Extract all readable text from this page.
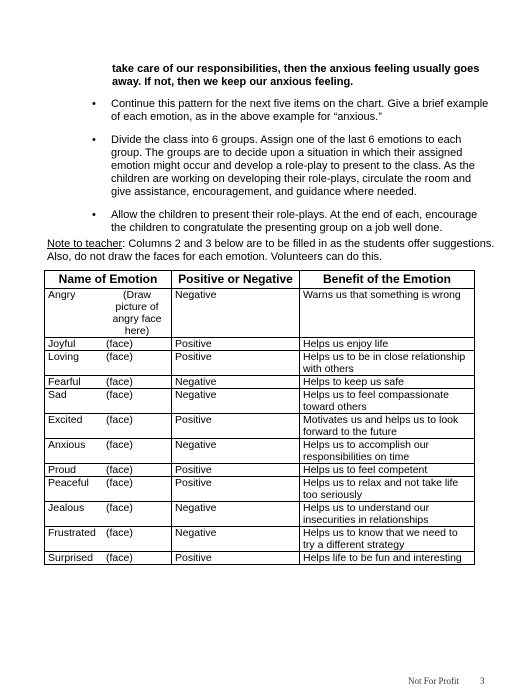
take care of our responsibilities, then the anxious feeling usually goes away. If not, then we keep our anxious feeling.
• Continue this pattern for the next five items on the chart. Give a brief example of each emotion, as in the above example for “anxious.”
• Divide the class into 6 groups. Assign one of the last 6 emotions to each group. The groups are to decide upon a situation in which their assigned emotion might occur and develop a role-play to present to the class. As the children are working on developing their role-plays, circulate the room and give assistance, encouragement, and guidance where needed.
• Allow the children to present their role-plays. At the end of each, encourage the children to congratulate the presenting group on a job well done.
Note to teacher: Columns 2 and 3 below are to be filled in as the students offer suggestions. Also, do not draw the faces for each emotion. Volunteers can do this.
Name of Emotion	Positive or Negative	Benefit of the Emotion

Angry (Draw picture of angry face here)	Negative	Warns us that something is wrong

Joyful (face)	Positive	Helps us enjoy life

Loving (face)	Positive	Helps us to be in close relationship with others

Fearful (face)	Negative	Helps to keep us safe

Sad (face)	Negative	Helps us to feel compassionate toward others

Excited (face)	Positive	Motivates us and helps us to look forward to the future

Anxious (face)	Negative	Helps us to accomplish our responsibilities on time

Proud (face)	Positive	Helps us to feel competent

Peaceful (face)	Positive	Helps us to relax and not take life too seriously

Jealous (face)	Negative	Helps us to understand our insecurities in relationships

Frustrated (face)	Negative	Helps us to know that we need to try a different strategy

Surprised (face)	Positive	Helps life to be fun and interesting
Not For Profit 3
